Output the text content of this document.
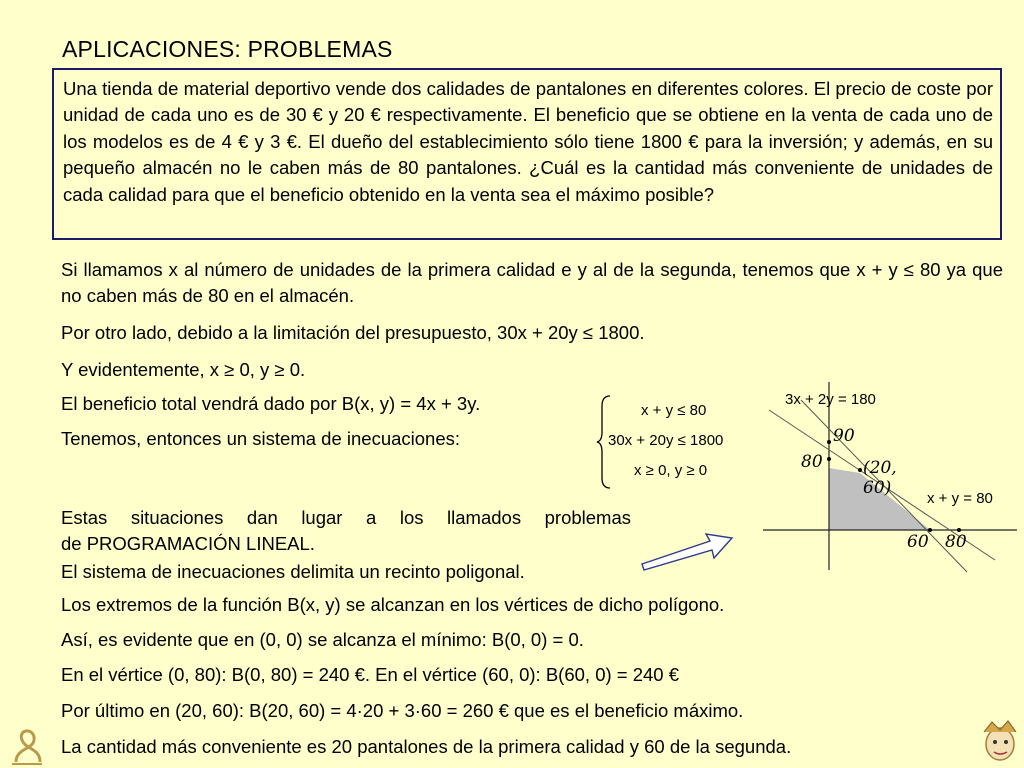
APLICACIONES: PROBLEMAS
Una tienda de material deportivo vende dos calidades de pantalones en diferentes colores. El precio de coste por unidad de cada uno es de 30 € y 20 € respectivamente. El beneficio que se obtiene en la venta de cada uno de los modelos es de 4 € y 3 €. El dueño del establecimiento sólo tiene 1800 € para la inversión; y además, en su pequeño almacén no le caben más de 80 pantalones. ¿Cuál es la cantidad más conveniente de unidades de cada calidad para que el beneficio obtenido en la venta sea el máximo posible?
Si llamamos x al número de unidades de la primera calidad e y al de la segunda, tenemos que x + y ≤ 80 ya que no caben más de 80 en el almacén.
Por otro lado, debido a la limitación del presupuesto, 30x + 20y ≤ 1800.
Y evidentemente, x ≥ 0, y ≥ 0.
El beneficio total vendrá dado por B(x, y) = 4x + 3y.
Tenemos, entonces un sistema de inecuaciones:
Estas situaciones dan lugar a los llamados problemas
de PROGRAMACIÓN LINEAL.
El sistema de inecuaciones delimita un recinto poligonal.
Los extremos de la función B(x, y) se alcanzan en los vértices de dicho polígono.
Así, es evidente que en (0, 0) se alcanza el mínimo: B(0, 0) = 0.
En el vértice (0, 80): B(0, 80) = 240 €. En el vértice (60, 0): B(60, 0) = 240 €
Por último en (20, 60): B(20, 60) = 4·20 + 3·60 = 260 € que es el beneficio máximo.
La cantidad más conveniente es 20 pantalones de la primera calidad y 60 de la segunda.
x + y ≤ 80
30x + 20y ≤ 1800
x ≥ 0, y ≥ 0
3x + 2y = 180
x + y = 80
90
80 (20, 60)
60 80
